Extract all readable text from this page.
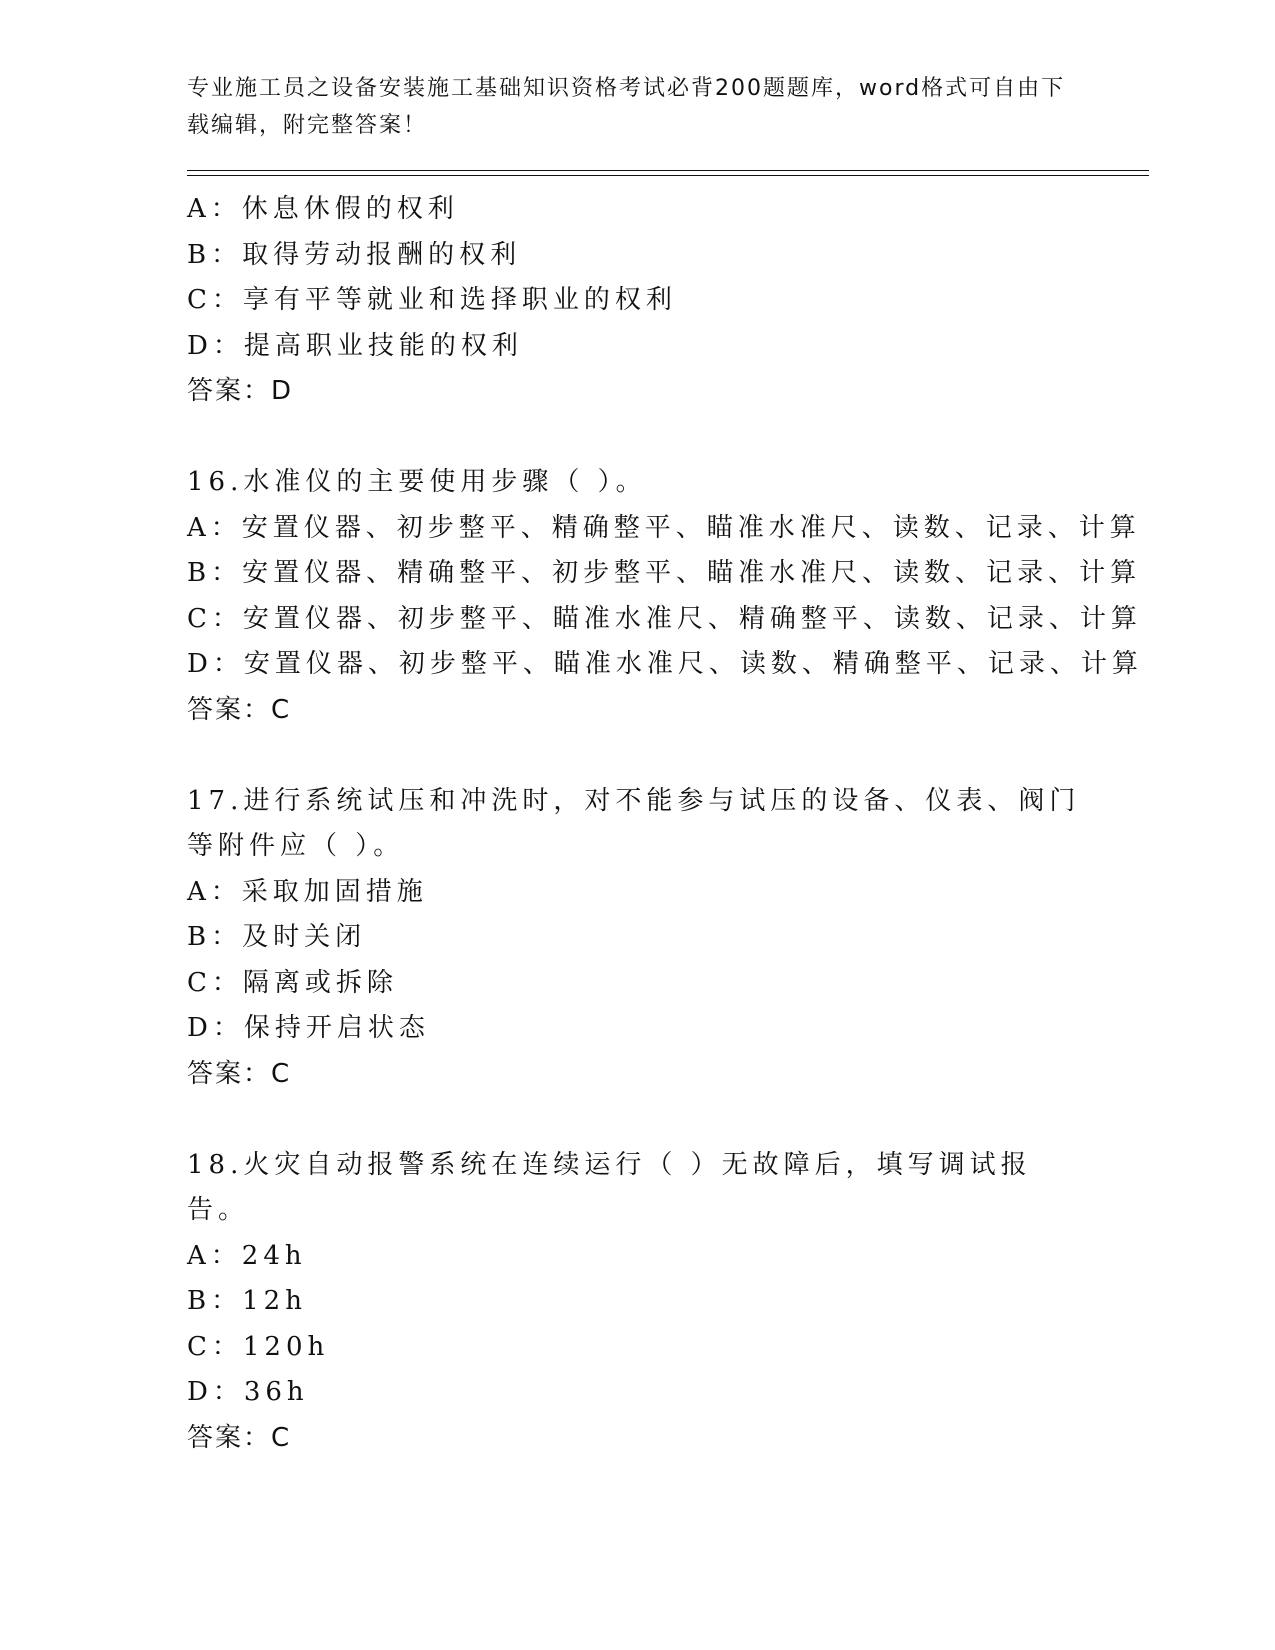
专业施工员之设备安装施工基础知识资格考试必背200题题库，word格式可自由下载编辑，附完整答案！
A：休息休假的权利
B：取得劳动报酬的权利
C：享有平等就业和选择职业的权利
D：提高职业技能的权利
答案：D
16.水准仪的主要使用步骤（ ）。
A：安置仪器、初步整平、精确整平、瞄准水准尺、读数、记录、计算
B：安置仪器、精确整平、初步整平、瞄准水准尺、读数、记录、计算
C：安置仪器、初步整平、瞄准水准尺、精确整平、读数、记录、计算
D：安置仪器、初步整平、瞄准水准尺、读数、精确整平、记录、计算
答案：C
17.进行系统试压和冲洗时，对不能参与试压的设备、仪表、阀门等附件应（ ）。
A：采取加固措施
B：及时关闭
C：隔离或拆除
D：保持开启状态
答案：C
18.火灾自动报警系统在连续运行（ ）无故障后，填写调试报告。
A：24h
B：12h
C：120h
D：36h
答案：C
